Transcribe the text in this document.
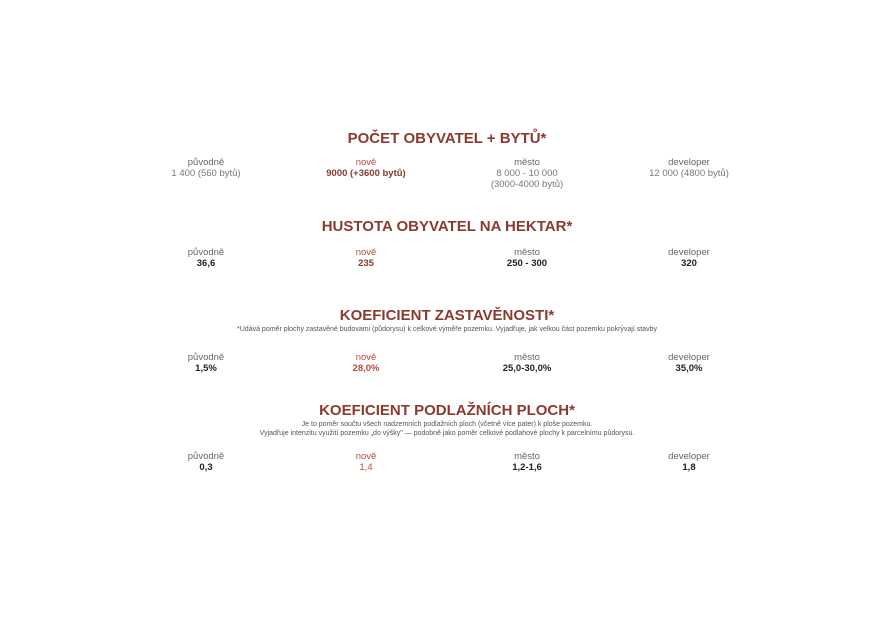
POČET OBYVATEL + BYTŮ*

původně
1 400 (560 bytů)
nově
9000 (+3600 bytů)
město
8 000 - 10 000
(3000-4000 bytů)
developer
12 000 (4800 bytů)

HUSTOTA OBYVATEL NA HEKTAR*

původně
36,6
nově
235
město
250 - 300
developer
320

KOEFICIENT ZASTAVĚNOSTI*

*Udává poměr plochy zastavěné budovami (půdorysu) k celkové výměře pozemku. Vyjadřuje, jak velkou část pozemku pokrývají stavby

původně
1,5%
nově
28,0%
město
25,0-30,0%
developer
35,0%

KOEFICIENT PODLAŽNÍCH PLOCH*

Je to poměr součtu všech nadzemních podlažních ploch (včetně více pater) k ploše pozemku.

Vyjadřuje intenzitu využití pozemku „do výšky" — podobně jako poměr celkové podlahové plochy k parcelnímu půdorysu.

původně
0,3
nově
1,4
město
1,2-1,6
developer
1,8
